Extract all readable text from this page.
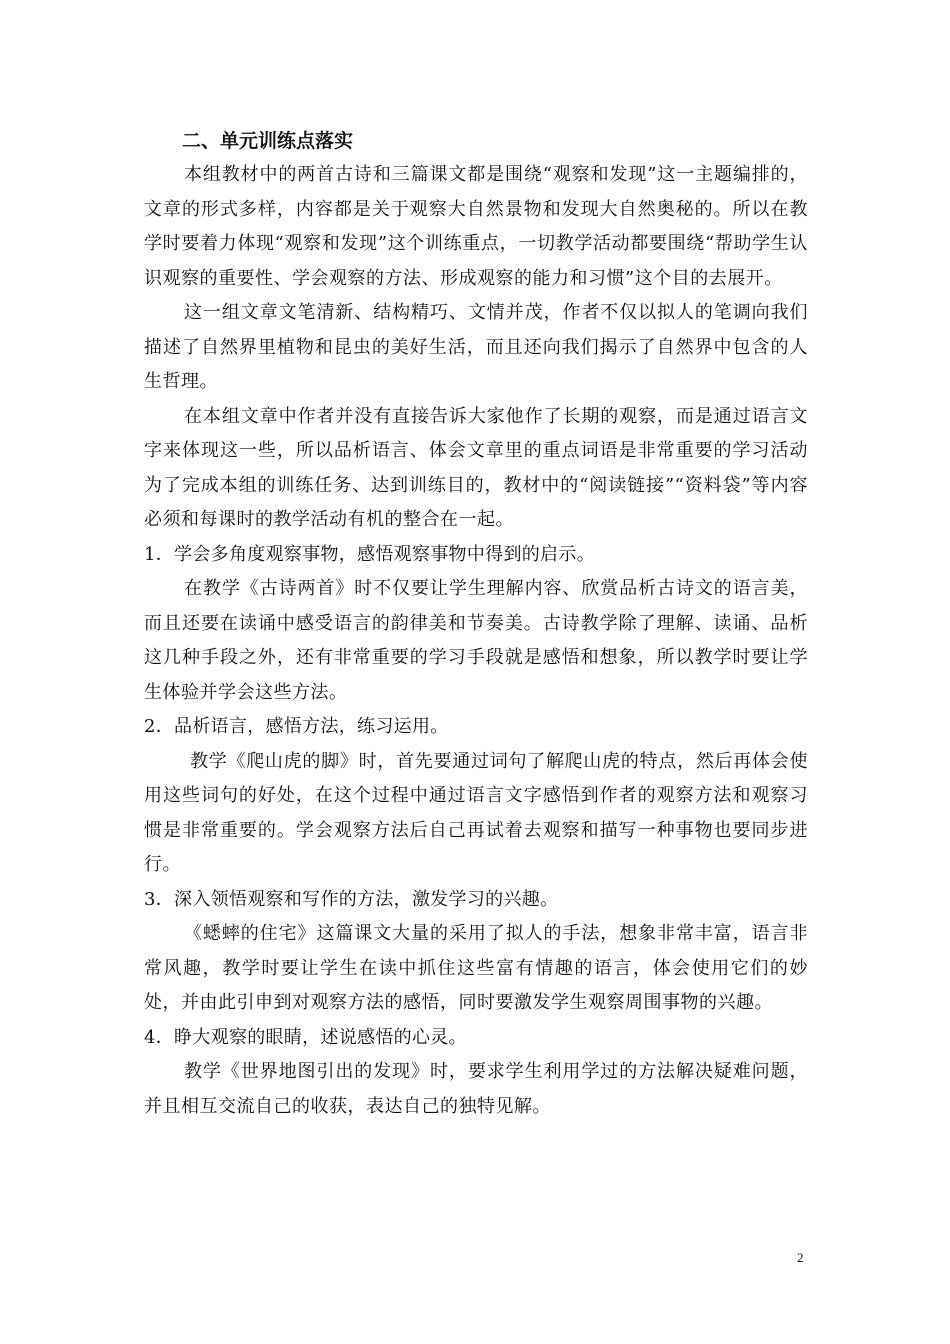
二、单元训练点落实

本组教材中的两首古诗和三篇课文都是围绕“观察和发现”这一主题编排的，文章的形式多样，内容都是关于观察大自然景物和发现大自然奥秘的。所以在教学时要着力体现“观察和发现”这个训练重点，一切教学活动都要围绕“帮助学生认识观察的重要性、学会观察的方法、形成观察的能力和习惯”这个目的去展开。

这一组文章文笔清新、结构精巧、文情并茂，作者不仅以拟人的笔调向我们描述了自然界里植物和昆虫的美好生活，而且还向我们揭示了自然界中包含的人生哲理。

在本组文章中作者并没有直接告诉大家他作了长期的观察，而是通过语言文字来体现这一些，所以品析语言、体会文章里的重点词语是非常重要的学习活动为了完成本组的训练任务、达到训练目的，教材中的“阅读链接”“资料袋”等内容必须和每课时的教学活动有机的整合在一起。

1．学会多角度观察事物，感悟观察事物中得到的启示。

在教学《古诗两首》时不仅要让学生理解内容、欣赏品析古诗文的语言美，而且还要在读诵中感受语言的韵律美和节奏美。古诗教学除了理解、读诵、品析这几种手段之外，还有非常重要的学习手段就是感悟和想象，所以教学时要让学生体验并学会这些方法。

2．品析语言，感悟方法，练习运用。

教学《爬山虎的脚》时，首先要通过词句了解爬山虎的特点，然后再体会使用这些词句的好处，在这个过程中通过语言文字感悟到作者的观察方法和观察习惯是非常重要的。学会观察方法后自己再试着去观察和描写一种事物也要同步进行。

3．深入领悟观察和写作的方法，激发学习的兴趣。

《蟋蟀的住宅》这篇课文大量的采用了拟人的手法，想象非常丰富，语言非常风趣，教学时要让学生在读中抓住这些富有情趣的语言，体会使用它们的妙处，并由此引申到对观察方法的感悟，同时要激发学生观察周围事物的兴趣。

4．睁大观察的眼睛，述说感悟的心灵。

教学《世界地图引出的发现》时，要求学生利用学过的方法解决疑难问题，并且相互交流自己的收获，表达自己的独特见解。

2
